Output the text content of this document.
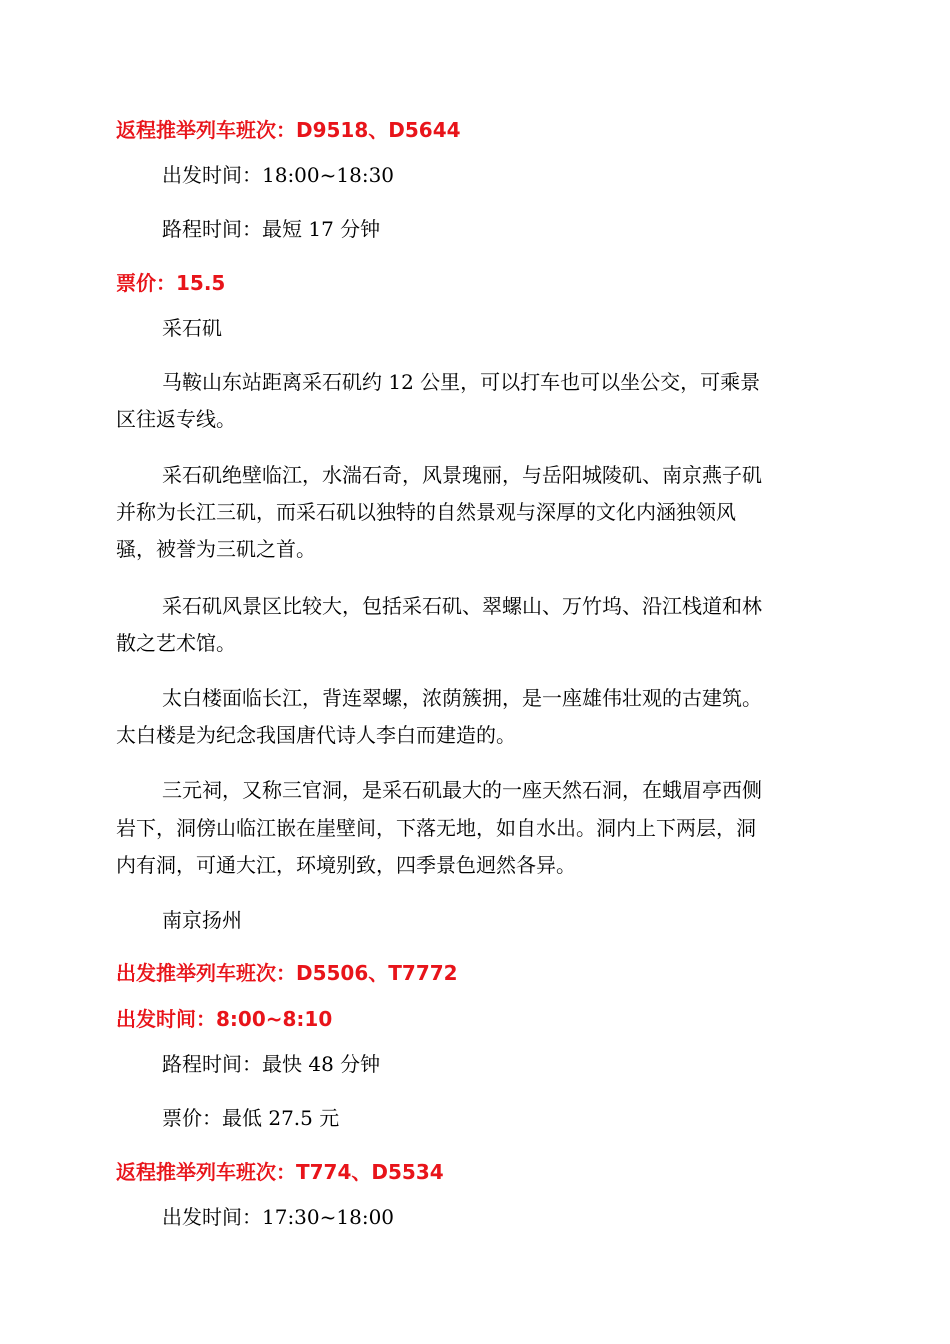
返程推举列车班次：D9518、D5644
出发时间：18:00~18:30
路程时间：最短 17 分钟
票价：15.5
采石矶
马鞍山东站距离采石矶约 12 公里，可以打车也可以坐公交，可乘景
区往返专线。
采石矶绝壁临江，水湍石奇，风景瑰丽，与岳阳城陵矶、南京燕子矶
并称为长江三矶，而采石矶以独特的自然景观与深厚的文化内涵独领风
骚，被誉为三矶之首。
采石矶风景区比较大，包括采石矶、翠螺山、万竹坞、沿江栈道和林
散之艺术馆。
太白楼面临长江，背连翠螺，浓荫簇拥，是一座雄伟壮观的古建筑。
太白楼是为纪念我国唐代诗人李白而建造的。
三元祠，又称三官洞，是采石矶最大的一座天然石洞，在蛾眉亭西侧
岩下，洞傍山临江嵌在崖壁间，下落无地，如自水出。洞内上下两层，洞
内有洞，可通大江，环境别致，四季景色迥然各异。
南京扬州
出发推举列车班次：D5506、T7772
出发时间：8:00~8:10
路程时间：最快 48 分钟
票价：最低 27.5 元
返程推举列车班次：T774、D5534
出发时间：17:30~18:00
